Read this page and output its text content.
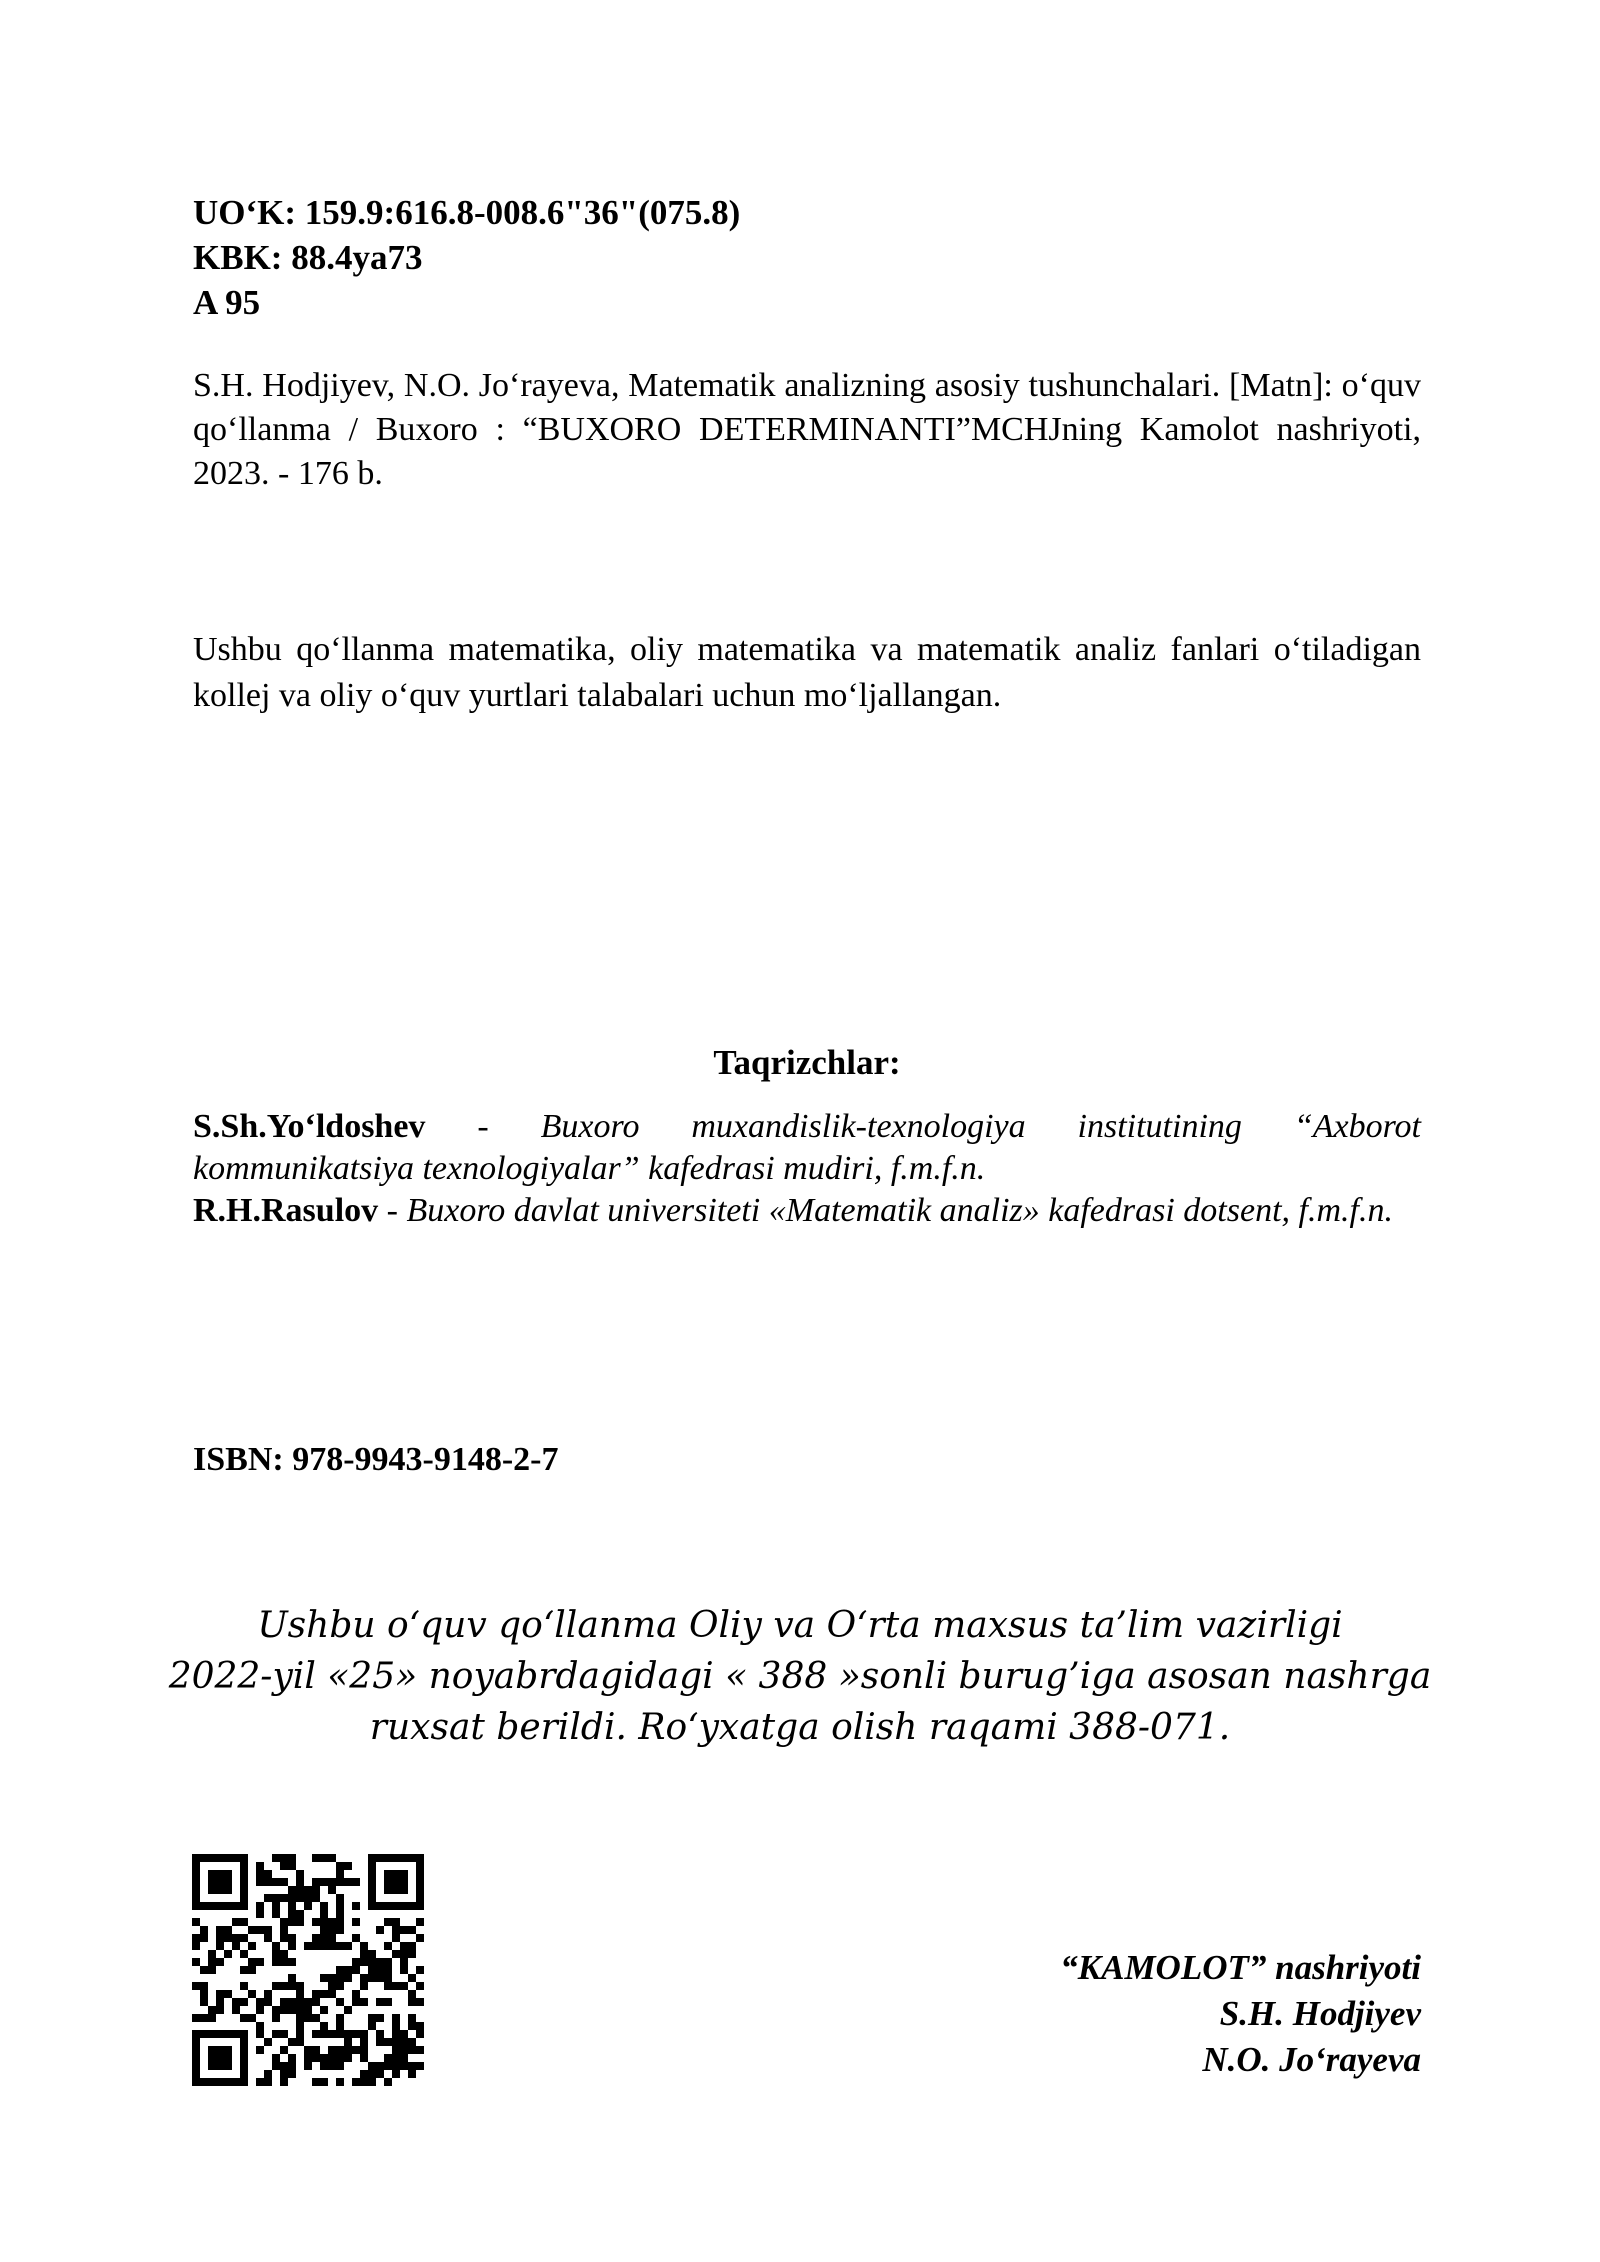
UO‘K: 159.9:616.8-008.6"36"(075.8)
KBK: 88.4ya73
A 95
S.H. Hodjiyev, N.O. Jo‘rayeva, Matematik analizning asosiy tushunchalari. [Matn]: o‘quv qo‘llanma / Buxoro : “BUXORO DETERMINANTI”MCHJning Kamolot nashriyoti, 2023. - 176 b.
Ushbu qo‘llanma matematika, oliy matematika va matematik analiz fanlari o‘tiladigan kollej va oliy o‘quv yurtlari talabalari uchun mo‘ljallangan.
Taqrizchlar:

S.Sh.Yo‘ldoshev - Buxoro muxandislik-texnologiya institutining “Axborot kommunikatsiya texnologiyalar” kafedrasi mudiri, f.m.f.n.

R.H.Rasulov - Buxoro davlat universiteti «Matematik analiz» kafedrasi dotsent, f.m.f.n.

ISBN: 978-9943-9148-2-7
Ushbu o‘quv qo‘llanma Oliy va O‘rta maxsus ta’lim vazirligi
2022-yil «25» noyabrdagidagi « 388 »sonli burug’iga asosan nashrga
ruxsat berildi. Ro‘yxatga olish raqami 388-071.
“KAMOLOT” nashriyoti
S.H. Hodjiyev
N.O. Jo‘rayeva
